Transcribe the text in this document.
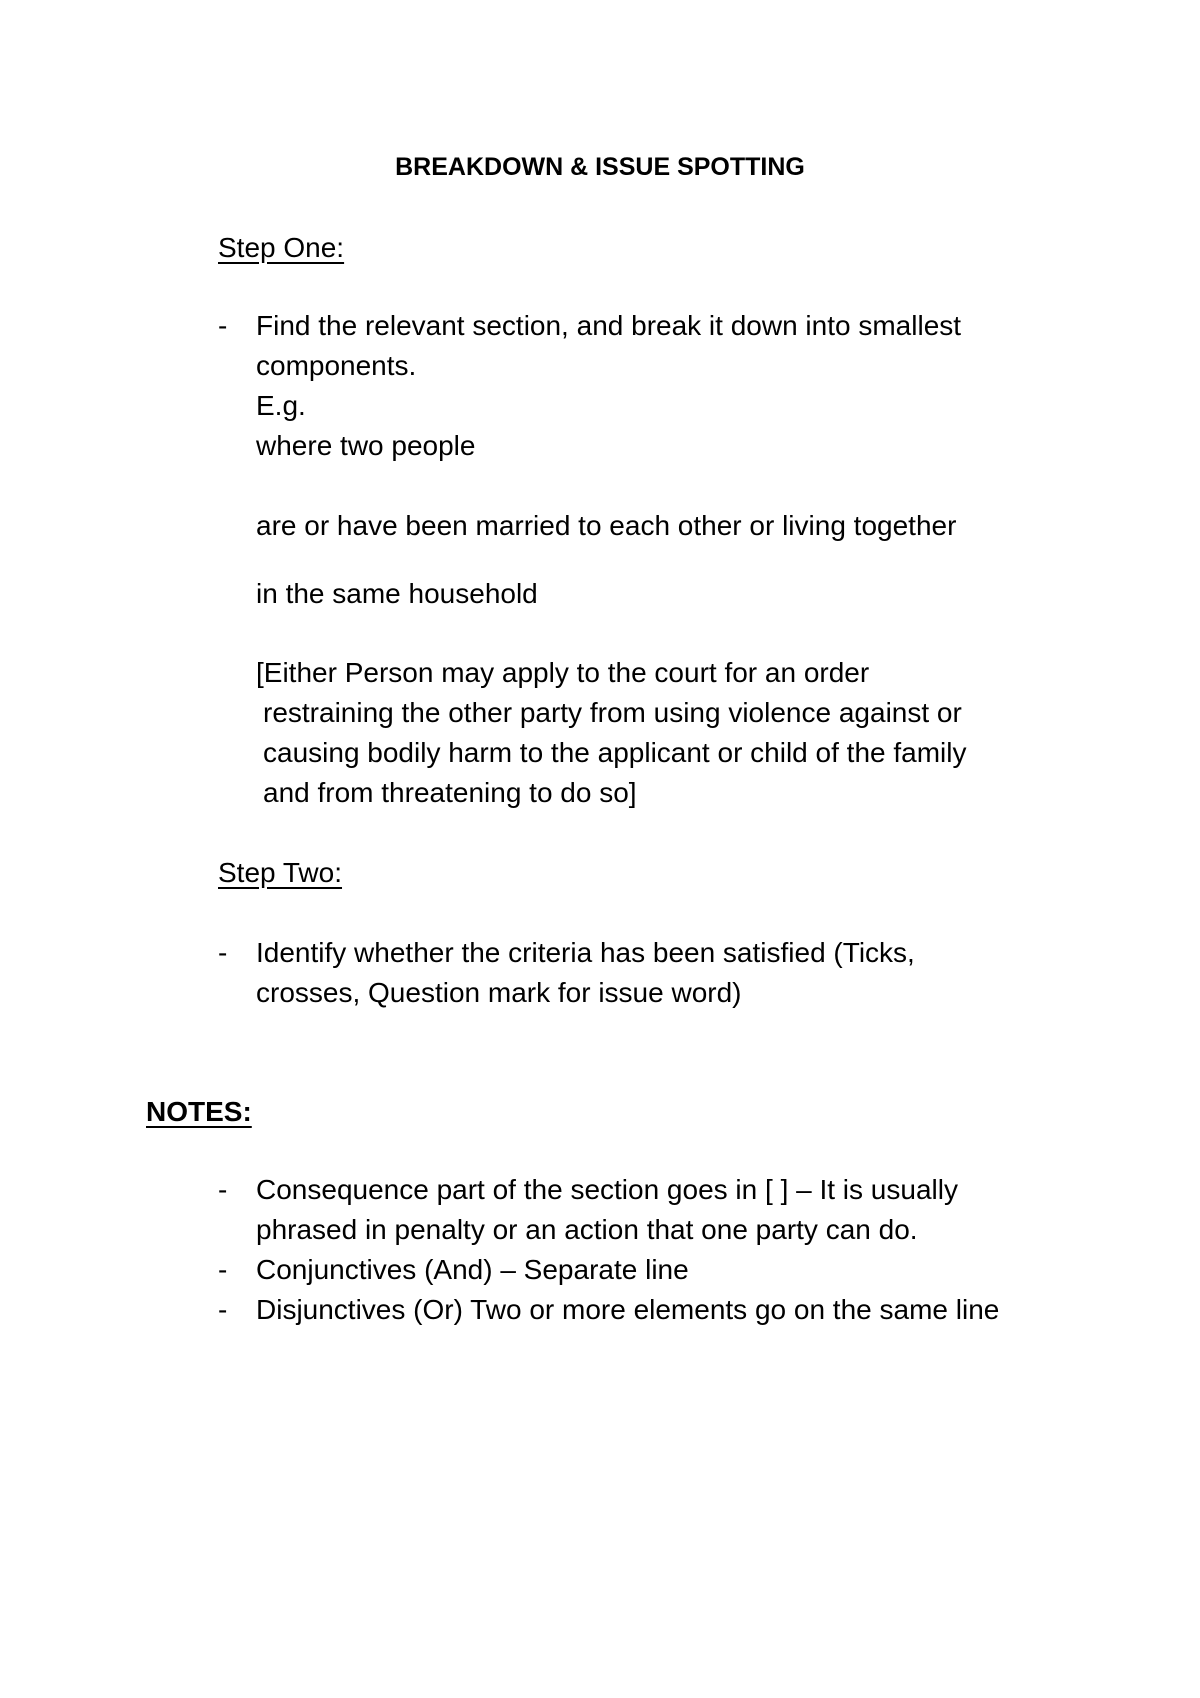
BREAKDOWN & ISSUE SPOTTING
Step One:
- Find the relevant section, and break it down into smallest
components.
E.g.
where two people
are or have been married to each other or living together
in the same household
[Either Person may apply to the court for an order
restraining the other party from using violence against or
causing bodily harm to the applicant or child of the family
and from threatening to do so]
Step Two:
- Identify whether the criteria has been satisfied (Ticks,
crosses, Question mark for issue word)
NOTES:
- Consequence part of the section goes in [ ] – It is usually
phrased in penalty or an action that one party can do.
- Conjunctives (And) – Separate line
- Disjunctives (Or) Two or more elements go on the same line
